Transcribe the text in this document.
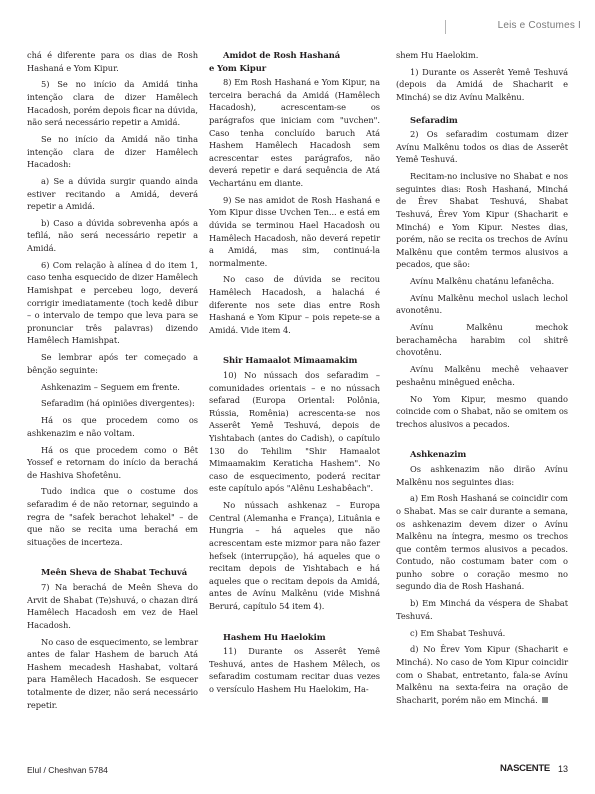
Leis e Costumes I

chá é diferente para os dias de Rosh Hashaná e Yom Kipur.

5) Se no início da Amidá tinha intenção clara de dizer Hamêlech Hacadosh, porém depois ficar na dúvida, não será necessário repetir a Amidá.

Se no início da Amidá não tinha intenção clara de dizer Hamêlech Hacadosh:

a) Se a dúvida surgir quando ainda estiver recitando a Amidá, deverá repetir a Amidá.

b) Caso a dúvida sobrevenha após a tefilá, não será necessário repetir a Amidá.

6) Com relação à alínea d do item 1, caso tenha esquecido de dizer Hamêlech Hamishpat e percebeu logo, deverá corrigir imediatamente (toch kedê dibur – o intervalo de tempo que leva para se pronunciar três palavras) dizendo Hamêlech Hamishpat.

Se lembrar após ter começado a bênção seguinte:

Ashkenazim – Seguem em frente.

Sefaradim (há opiniões divergentes):

Há os que procedem como os ashkenazim e não voltam.

Há os que procedem como o Bêt Yossef e retornam do início da berachá de Hashiva Shofetênu.

Tudo indica que o costume dos sefaradim é de não retornar, seguindo a regra de "safek berachot lehakel" – de que não se recita uma berachá em situações de incerteza.

Meên Sheva de Shabat Techuvá

7) Na berachá de Meên Sheva do Arvit de Shabat (Te)shuvá, o chazan dirá Hamêlech Hacadosh em vez de Hael Hacadosh.

No caso de esquecimento, se lembrar antes de falar Hashem de baruch Atá Hashem mecadesh Hashabat, voltará para Hamêlech Hacadosh. Se esquecer totalmente de dizer, não será necessário repetir.

Amidot de Rosh Hashaná
e Yom Kipur

8) Em Rosh Hashaná e Yom Kipur, na terceira berachá da Amidá (Hamêlech Hacadosh), acrescentam-se os parágrafos que iniciam com "uvchen". Caso tenha concluído baruch Atá Hashem Hamêlech Hacadosh sem acrescentar estes parágrafos, não deverá repetir e dará sequência de Atá Vechartánu em diante.

9) Se nas amidot de Rosh Hashaná e Yom Kipur disse Uvchen Ten... e está em dúvida se terminou Hael Hacadosh ou Hamêlech Hacadosh, não deverá repetir a Amidá, mas sim, continuá-la normalmente.

No caso de dúvida se recitou Hamêlech Hacadosh, a halachá é diferente nos sete dias entre Rosh Hashaná e Yom Kipur – pois repete-se a Amidá. Vide item 4.

Shir Hamaalot Mimaamakim

10) No nússach dos sefaradim – comunidades orientais – e no nússach sefarad (Europa Oriental: Polônia, Rússia, Romênia) acrescenta-se nos Asserêt Yemê Teshuvá, depois de Yishtabach (antes do Cadish), o capítulo 130 do Tehilim "Shir Hamaalot Mimaamakim Keraticha Hashem". No caso de esquecimento, poderá recitar este capítulo após "Alênu Leshabêach".

No nússach ashkenaz – Europa Central (Alemanha e França), Lituânia e Hungria – há aqueles que não acrescentam este mizmor para não fazer hefsek (interrupção), há aqueles que o recitam depois de Yishtabach e há aqueles que o recitam depois da Amidá, antes de Avínu Malkênu (vide Mishná Berurá, capítulo 54 item 4).

Hashem Hu Haelokim

11) Durante os Asserêt Yemê Teshuvá, antes de Hashem Mêlech, os sefaradim costumam recitar duas vezes o versículo Hashem Hu Haelokim, Ha-

shem Hu Haelokim.

1) Durante os Asserêt Yemê Teshuvá (depois da Amidá de Shacharit e Minchá) se diz Avínu Malkênu.

Sefaradim

2) Os sefaradim costumam dizer Avínu Malkênu todos os dias de Asserêt Yemê Teshuvá.

Recitam-no inclusive no Shabat e nos seguintes dias: Rosh Hashaná, Minchá de Êrev Shabat Teshuvá, Shabat Teshuvá, Êrev Yom Kipur (Shacharit e Minchá) e Yom Kipur. Nestes dias, porém, não se recita os trechos de Avínu Malkênu que contêm termos alusivos a pecados, que são:

Avínu Malkênu chatánu lefanêcha.

Avínu Malkênu mechol uslach lechol avonotênu.

Avínu Malkênu mechok berachamêcha harabim col shitrê chovotênu.

Avínu Malkênu mechê vehaaver peshaênu minêgued enêcha.

No Yom Kipur, mesmo quando coincide com o Shabat, não se omitem os trechos alusivos a pecados.

Ashkenazim

Os ashkenazim não dirão Avínu Malkênu nos seguintes dias:

a) Em Rosh Hashaná se coincidir com o Shabat. Mas se cair durante a semana, os ashkenazim devem dizer o Avínu Malkênu na íntegra, mesmo os trechos que contêm termos alusivos a pecados. Contudo, não costumam bater com o punho sobre o coração mesmo no segundo dia de Rosh Hashaná.

b) Em Minchá da véspera de Shabat Teshuvá.

c) Em Shabat Teshuvá.

d) No Êrev Yom Kipur (Shacharit e Minchá). No caso de Yom Kipur coincidir com o Shabat, entretanto, fala-se Avínu Malkênu na sexta-feira na oração de Shacharit, porém não em Minchá.

Elul / Cheshvan 5784	NASCENTE 13
